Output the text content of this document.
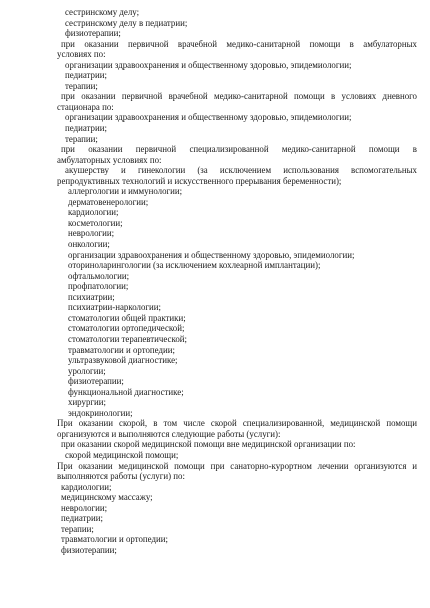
сестринскому делу;
сестринскому делу в педиатрии;
физиотерапии;
при оказании первичной врачебной медико-санитарной помощи в амбулаторных
условиях по:
организации здравоохранения и общественному здоровью, эпидемиологии;
педиатрии;
терапии;
при оказании первичной врачебной медико-санитарной помощи в условиях дневного
стационара по:
организации здравоохранения и общественному здоровью, эпидемиологии;
педиатрии;
терапии;
при оказании первичной специализированной медико-санитарной помощи в
амбулаторных условиях по:
акушерству и гинекологии (за исключением использования вспомогательных
репродуктивных технологий и искусственного прерывания беременности);
аллергологии и иммунологии;
дерматовенерологии;
кардиологии;
косметологии;
неврологии;
онкологии;
организации здравоохранения и общественному здоровью, эпидемиологии;
оториноларингологии (за исключением кохлеарной имплантации);
офтальмологии;
профпатологии;
психиатрии;
психиатрии-наркологии;
стоматологии общей практики;
стоматологии ортопедической;
стоматологии терапевтической;
травматологии и ортопедии;
ультразвуковой диагностике;
урологии;
физиотерапии;
функциональной диагностике;
хирургии;
эндокринологии;
При оказании скорой, в том числе скорой специализированной, медицинской помощи
организуются и выполняются следующие работы (услуги):
при оказании скорой медицинской помощи вне медицинской организации по:
скорой медицинской помощи;
При оказании медицинской помощи при санаторно-курортном лечении организуются и
выполняются работы (услуги) по:
кардиологии;
медицинскому массажу;
неврологии;
педиатрии;
терапии;
травматологии и ортопедии;
физиотерапии;
